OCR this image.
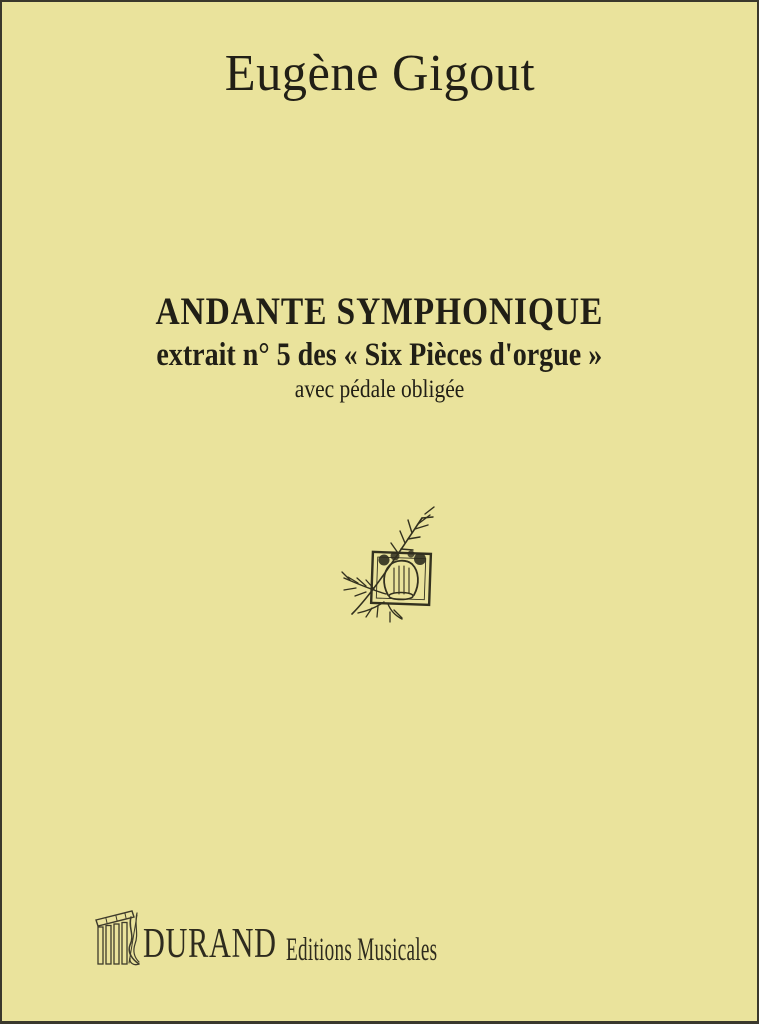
Eugène Gigout
ANDANTE SYMPHONIQUE
extrait n° 5 des « Six Pièces d'orgue »
avec pédale obligée
DURAND Editions Musicales
